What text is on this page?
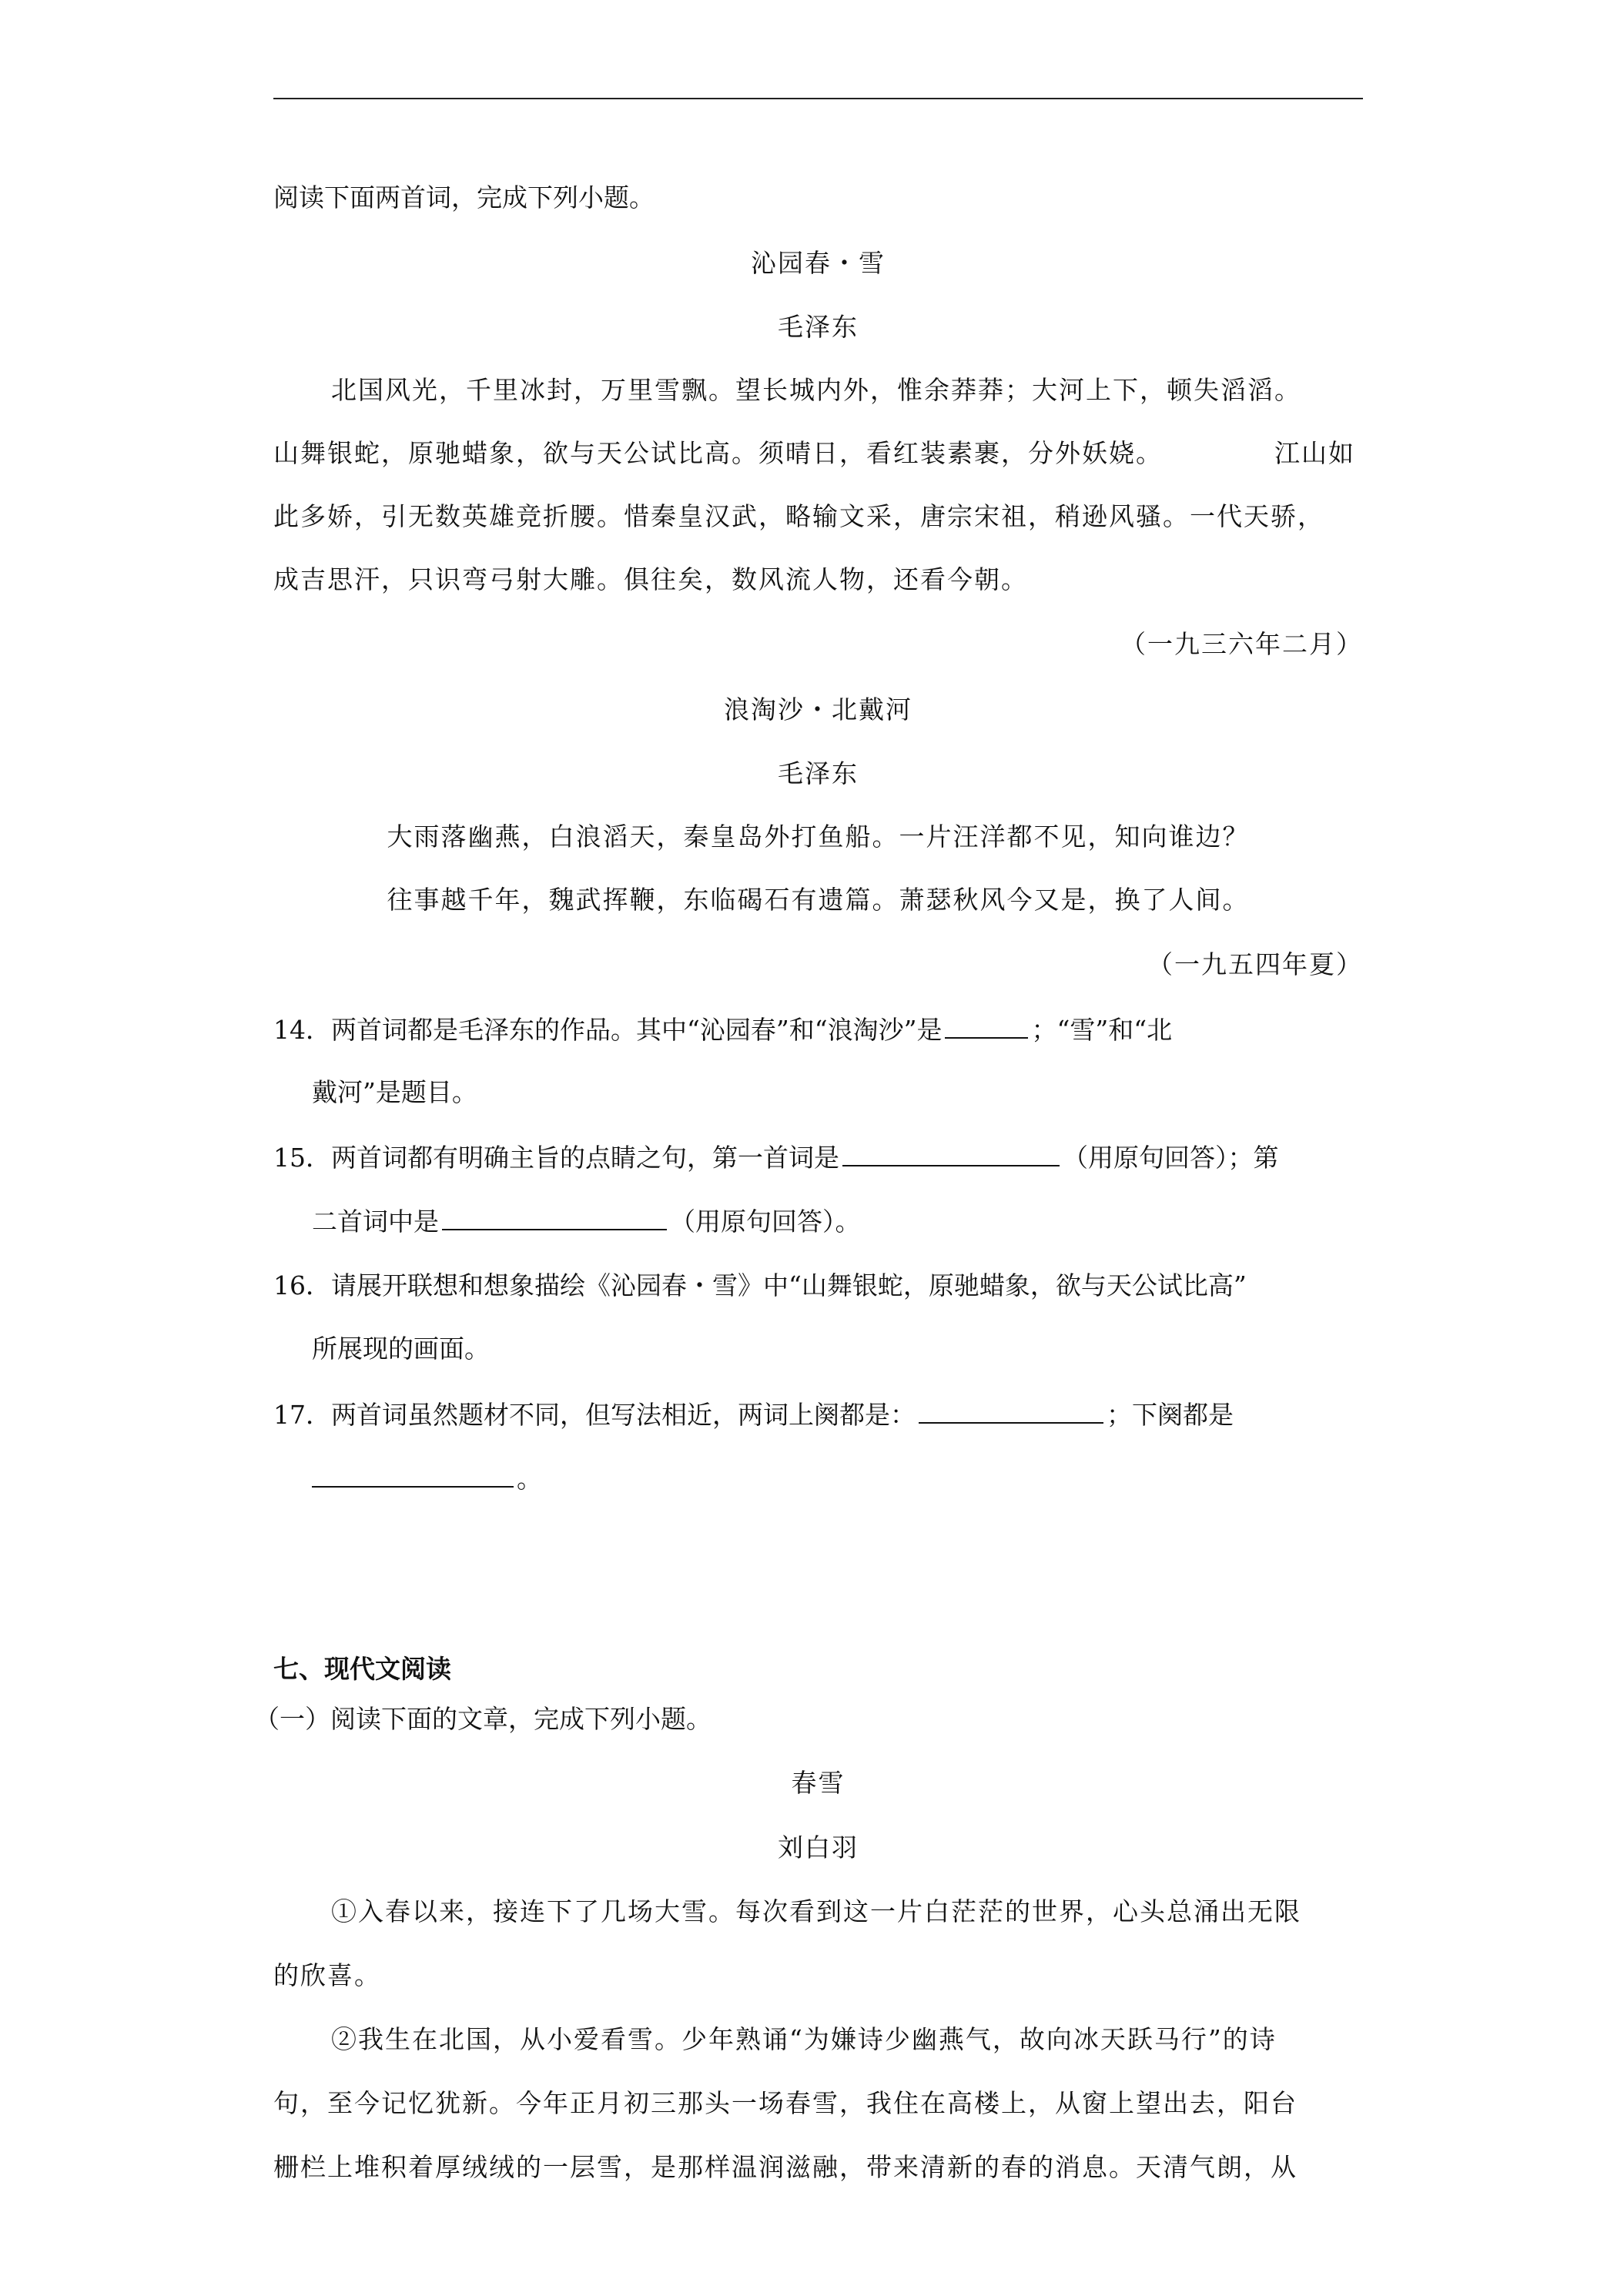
阅读下面两首词，完成下列小题。
沁园春・雪
毛泽东
北国风光，千里冰封，万里雪飘。望长城内外，惟余莽莽；大河上下，顿失滔滔。
山舞银蛇，原驰蜡象，欲与天公试比高。须晴日，看红装素裹，分外妖娆。	江山如
此多娇，引无数英雄竞折腰。惜秦皇汉武，略输文采，唐宗宋祖，稍逊风骚。一代天骄，
成吉思汗，只识弯弓射大雕。俱往矣，数风流人物，还看今朝。
（一九三六年二月）
浪淘沙・北戴河
毛泽东
大雨落幽燕，白浪滔天，秦皇岛外打鱼船。一片汪洋都不见，知向谁边？
往事越千年，魏武挥鞭，东临碣石有遗篇。萧瑟秋风今又是，换了人间。
（一九五四年夏）
14．两首词都是毛泽东的作品。其中“沁园春”和“浪淘沙”是	；“雪”和“北
戴河”是题目。
15．两首词都有明确主旨的点睛之句，第一首词是	（用原句回答）；第
二首词中是	（用原句回答）。
16．请展开联想和想象描绘《沁园春・雪》中“山舞银蛇，原驰蜡象，欲与天公试比高”
所展现的画面。
17．两首词虽然题材不同，但写法相近，两词上阕都是：	；下阕都是
。
七、现代文阅读
（一）阅读下面的文章，完成下列小题。
春雪
刘白羽
①入春以来，接连下了几场大雪。每次看到这一片白茫茫的世界，心头总涌出无限
的欣喜。
②我生在北国，从小爱看雪。少年熟诵“为嫌诗少幽燕气，故向冰天跃马行”的诗
句，至今记忆犹新。今年正月初三那头一场春雪，我住在高楼上，从窗上望出去，阳台
栅栏上堆积着厚绒绒的一层雪，是那样温润滋融，带来清新的春的消息。天清气朗，从
